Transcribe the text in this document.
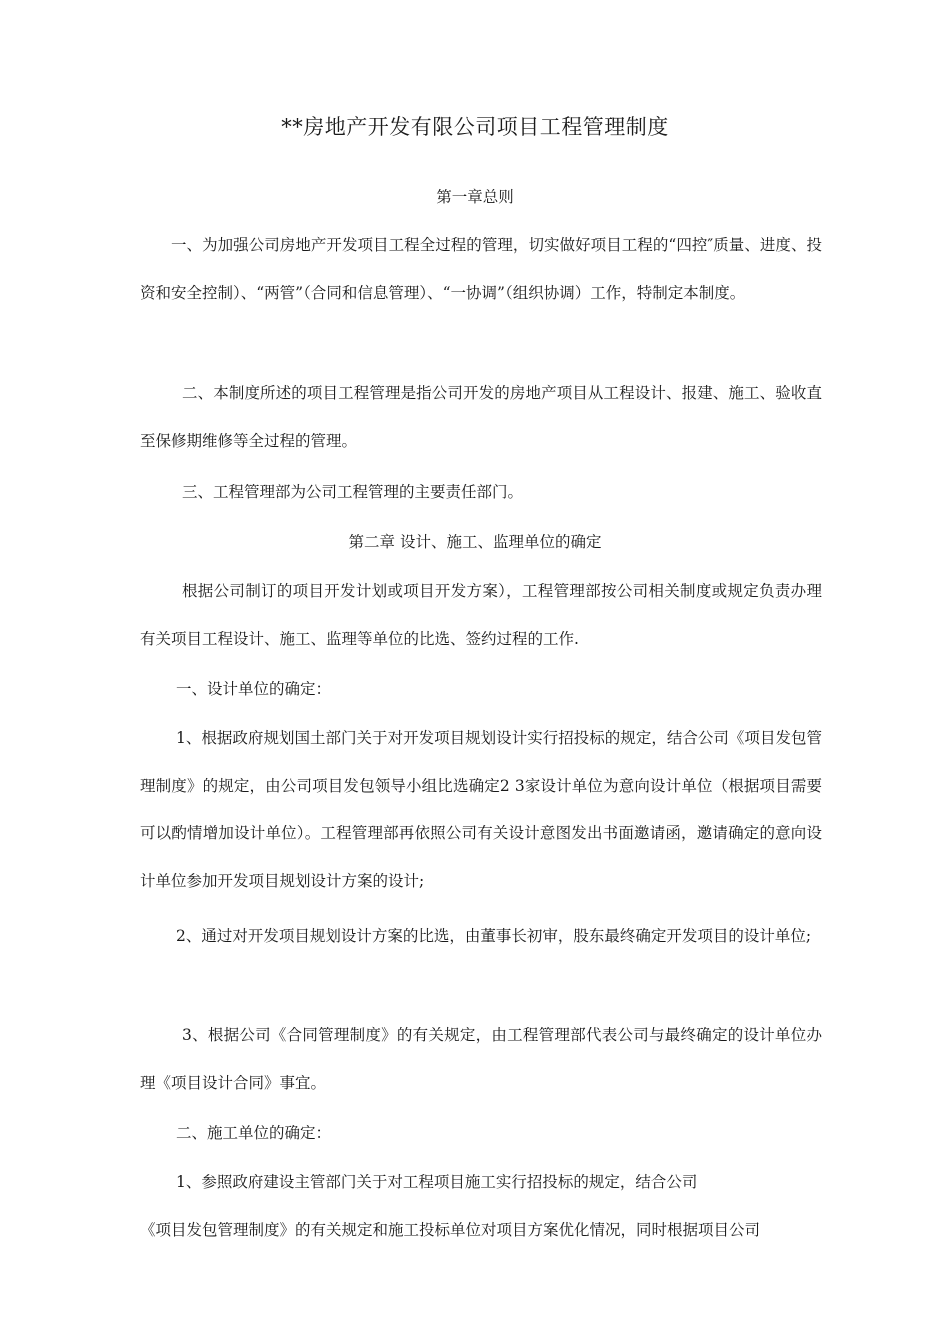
**房地产开发有限公司项目工程管理制度

第一章总则

一、为加强公司房地产开发项目工程全过程的管理，切实做好项目工程的“四控″质量、进度、投资和安全控制）、“两管”（合同和信息管理）、“一协调”（组织协调）工作，特制定本制度。

二、本制度所述的项目工程管理是指公司开发的房地产项目从工程设计、报建、施工、验收直至保修期维修等全过程的管理。

三、工程管理部为公司工程管理的主要责任部门。

第二章 设计、施工、监理单位的确定

根据公司制订的项目开发计划或项目开发方案），工程管理部按公司相关制度或规定负责办理有关项目工程设计、施工、监理等单位的比选、签约过程的工作.

一、设计单位的确定：

1、根据政府规划国土部门关于对开发项目规划设计实行招投标的规定，结合公司《项目发包管理制度》的规定，由公司项目发包领导小组比选确定2 3家设计单位为意向设计单位（根据项目需要可以酌情增加设计单位）。工程管理部再依照公司有关设计意图发出书面邀请函，邀请确定的意向设计单位参加开发项目规划设计方案的设计;

2、通过对开发项目规划设计方案的比选，由董事长初审，股东最终确定开发项目的设计单位;

3、根据公司《合同管理制度》的有关规定，由工程管理部代表公司与最终确定的设计单位办理《项目设计合同》事宜。

二、施工单位的确定：

1、参照政府建设主管部门关于对工程项目施工实行招投标的规定，结合公司

《项目发包管理制度》的有关规定和施工投标单位对项目方案优化情况，同时根据项目公司
